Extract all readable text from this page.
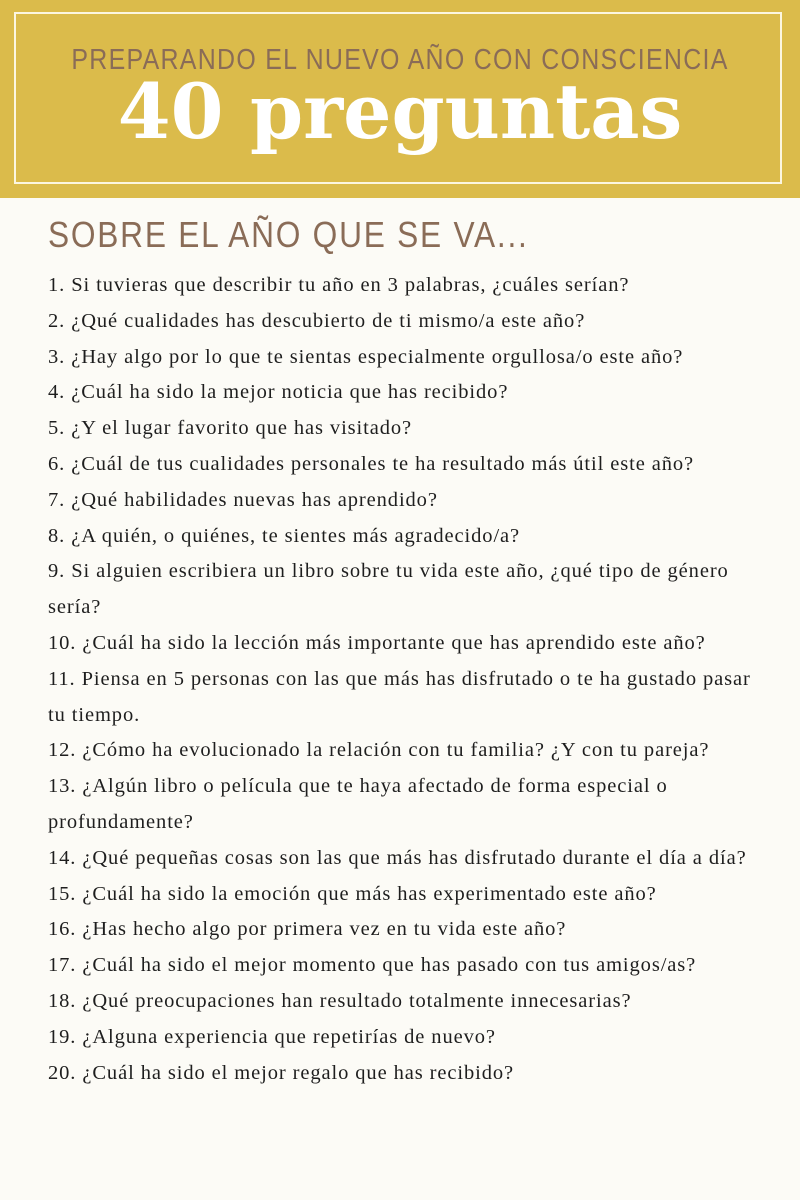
PREPARANDO EL NUEVO AÑO CON CONSCIENCIA
40 preguntas
SOBRE EL AÑO QUE SE VA...
1. Si tuvieras que describir tu año en 3 palabras, ¿cuáles serían?
2. ¿Qué cualidades has descubierto de ti mismo/a este año?
3. ¿Hay algo por lo que te sientas especialmente orgullosa/o este año?
4. ¿Cuál ha sido la mejor noticia que has recibido?
5. ¿Y el lugar favorito que has visitado?
6. ¿Cuál de tus cualidades personales te ha resultado más útil este año?
7. ¿Qué habilidades nuevas has aprendido?
8. ¿A quién, o quiénes, te sientes más agradecido/a?
9. Si alguien escribiera un libro sobre tu vida este año, ¿qué tipo de género sería?
10. ¿Cuál ha sido la lección más importante que has aprendido este año?
11. Piensa en 5 personas con las que más has disfrutado o te ha gustado pasar tu tiempo.
12. ¿Cómo ha evolucionado la relación con tu familia? ¿Y con tu pareja?
13. ¿Algún libro o película que te haya afectado de forma especial o profundamente?
14. ¿Qué pequeñas cosas son las que más has disfrutado durante el día a día?
15. ¿Cuál ha sido la emoción que más has experimentado este año?
16. ¿Has hecho algo por primera vez en tu vida este año?
17. ¿Cuál ha sido el mejor momento que has pasado con tus amigos/as?
18. ¿Qué preocupaciones han resultado totalmente innecesarias?
19. ¿Alguna experiencia que repetirías de nuevo?
20. ¿Cuál ha sido el mejor regalo que has recibido?
